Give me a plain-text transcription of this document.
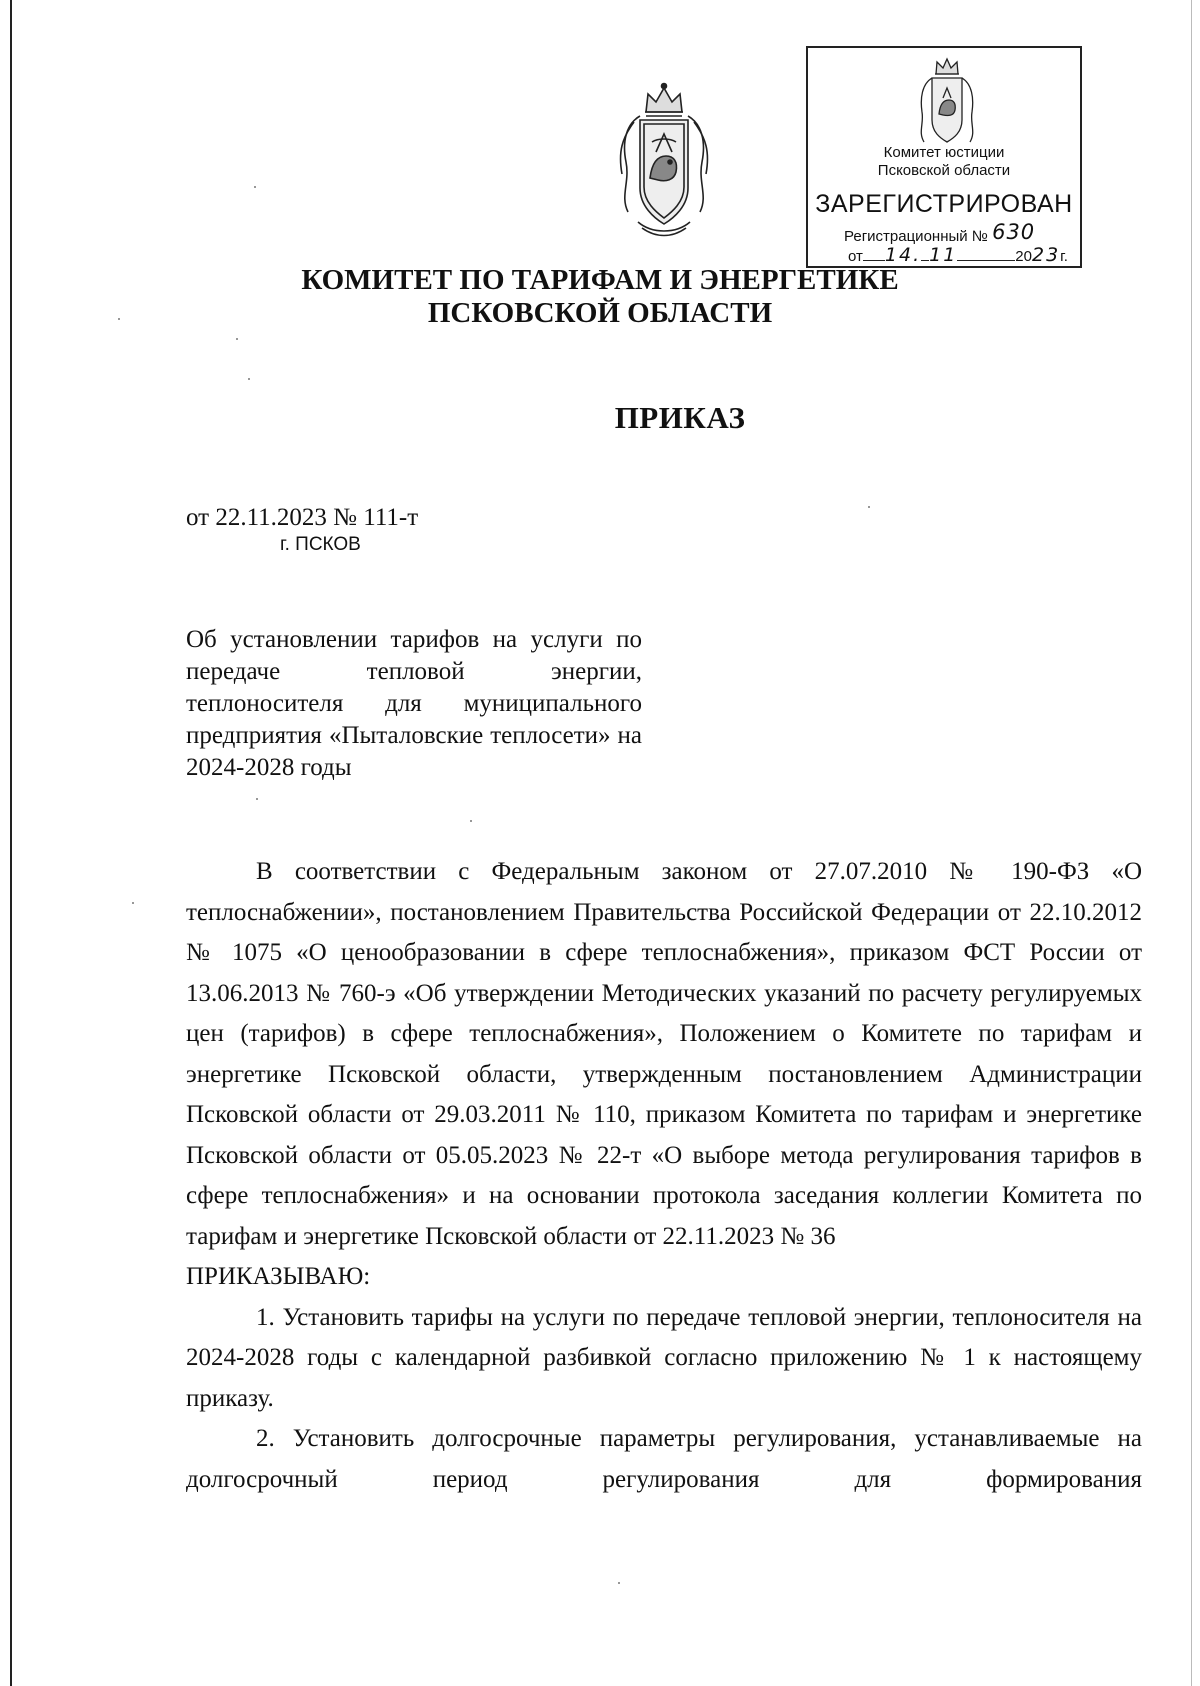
Комитет юстиции
Псковской области
ЗАРЕГИСТРИРОВАН
Регистрационный № 630
от 14. 11	2023г.
КОМИТЕТ ПО ТАРИФАМ И ЭНЕРГЕТИКЕ
ПСКОВСКОЙ ОБЛАСТИ
ПРИКАЗ
от 22.11.2023 № 111-т
г. ПСКОВ
Об установлении тарифов на услуги по передаче тепловой энергии, теплоносителя для муниципального предприятия «Пыталовские теплосети» на 2024-2028 годы

В соответствии с Федеральным законом от 27.07.2010 № 190-ФЗ «О теплоснабжении», постановлением Правительства Российской Федерации от 22.10.2012 № 1075 «О ценообразовании в сфере теплоснабжения», приказом ФСТ России от 13.06.2013 № 760-э «Об утверждении Методических указаний по расчету регулируемых цен (тарифов) в сфере теплоснабжения», Положением о Комитете по тарифам и энергетике Псковской области, утвержденным постановлением Администрации Псковской области от 29.03.2011 № 110, приказом Комитета по тарифам и энергетике Псковской области от 05.05.2023 № 22-т «О выборе метода регулирования тарифов в сфере теплоснабжения» и на основании протокола заседания коллегии Комитета по тарифам и энергетике Псковской области от 22.11.2023 № 36

ПРИКАЗЫВАЮ:

1. Установить тарифы на услуги по передаче тепловой энергии, теплоносителя на 2024-2028 годы с календарной разбивкой согласно приложению № 1 к настоящему приказу.

2. Установить долгосрочные параметры регулирования, устанавливаемые на долгосрочный период регулирования для формирования
